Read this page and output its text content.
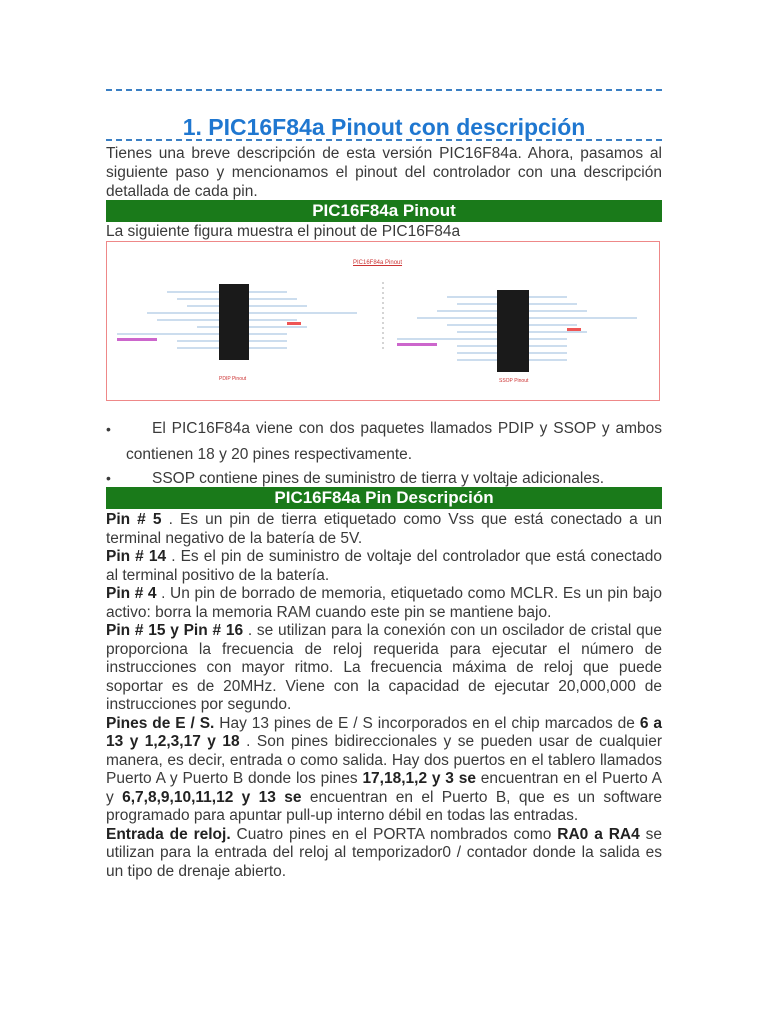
1. PIC16F84a Pinout con descripción
Tienes una breve descripción de esta versión PIC16F84a. Ahora, pasamos al siguiente paso y mencionamos el pinout del controlador con una descripción detallada de cada pin.
PIC16F84a Pinout
La siguiente figura muestra el pinout de PIC16F84a
PIC16F84a Pinout
PDIP Pinout	SSOP Pinout
•	El PIC16F84a viene con dos paquetes llamados PDIP y SSOP y ambos contienen 18 y 20 pines respectivamente.
•	SSOP contiene pines de suministro de tierra y voltaje adicionales.
PIC16F84a Pin Descripción
Pin # 5 . Es un pin de tierra etiquetado como Vss que está conectado a un terminal negativo de la batería de 5V.
Pin # 14 . Es el pin de suministro de voltaje del controlador que está conectado al terminal positivo de la batería.
Pin # 4 . Un pin de borrado de memoria, etiquetado como MCLR. Es un pin bajo activo: borra la memoria RAM cuando este pin se mantiene bajo.
Pin # 15 y Pin # 16 . se utilizan para la conexión con un oscilador de cristal que proporciona la frecuencia de reloj requerida para ejecutar el número de instrucciones con mayor ritmo. La frecuencia máxima de reloj que puede soportar es de 20MHz. Viene con la capacidad de ejecutar 20,000,000 de instrucciones por segundo.
Pines de E / S. Hay 13 pines de E / S incorporados en el chip marcados de 6 a 13 y 1,2,3,17 y 18 . Son pines bidireccionales y se pueden usar de cualquier manera, es decir, entrada o como salida. Hay dos puertos en el tablero llamados Puerto A y Puerto B donde los pines 17,18,1,2 y 3 se encuentran en el Puerto A y 6,7,8,9,10,11,12 y 13 se encuentran en el Puerto B, que es un software programado para apuntar pull-up interno débil en todas las entradas.
Entrada de reloj. Cuatro pines en el PORTA nombrados como RA0 a RA4 se utilizan para la entrada del reloj al temporizador0 / contador donde la salida es un tipo de drenaje abierto.
